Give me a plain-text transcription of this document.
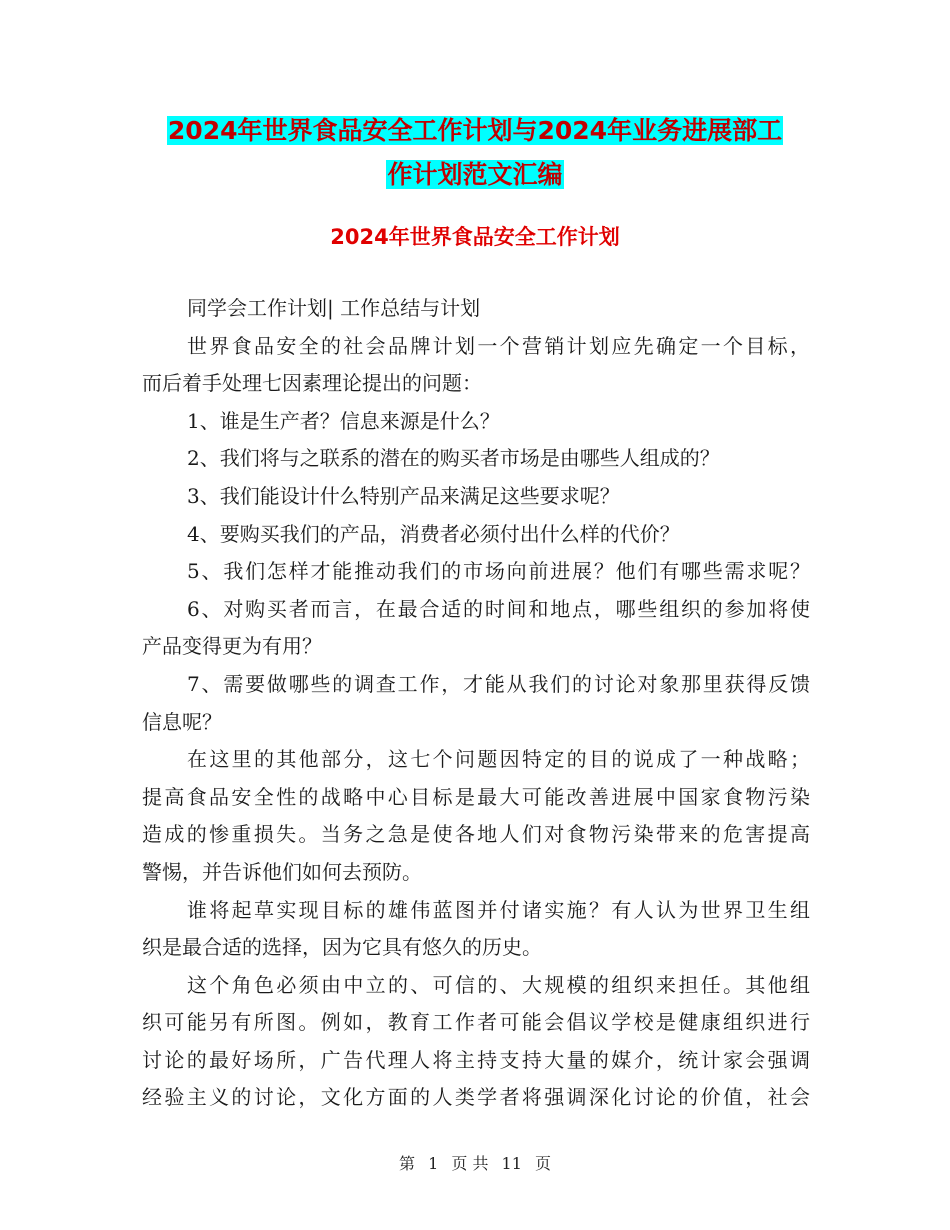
2024年世界食品安全工作计划与2024年业务进展部工
作计划范文汇编
2024年世界食品安全工作计划
同学会工作计划| 工作总结与计划
世界食品安全的社会品牌计划一个营销计划应先确定一个目标，
而后着手处理七因素理论提出的问题：
1、谁是生产者？信息来源是什么？
2、我们将与之联系的潜在的购买者市场是由哪些人组成的？
3、我们能设计什么特别产品来满足这些要求呢？
4、要购买我们的产品，消费者必须付出什么样的代价？
5、我们怎样才能推动我们的市场向前进展？他们有哪些需求呢？
6、对购买者而言，在最合适的时间和地点，哪些组织的参加将使
产品变得更为有用？
7、需要做哪些的调查工作，才能从我们的讨论对象那里获得反馈
信息呢？
在这里的其他部分，这七个问题因特定的目的说成了一种战略；
提高食品安全性的战略中心目标是最大可能改善进展中国家食物污染
造成的惨重损失。当务之急是使各地人们对食物污染带来的危害提高
警惕，并告诉他们如何去预防。
谁将起草实现目标的雄伟蓝图并付诸实施？有人认为世界卫生组
织是最合适的选择，因为它具有悠久的历史。
这个角色必须由中立的、可信的、大规模的组织来担任。其他组
织可能另有所图。例如，教育工作者可能会倡议学校是健康组织进行
讨论的最好场所，广告代理人将主持支持大量的媒介，统计家会强调
经验主义的讨论，文化方面的人类学者将强调深化讨论的价值，社会
第 1 页 共 11 页
